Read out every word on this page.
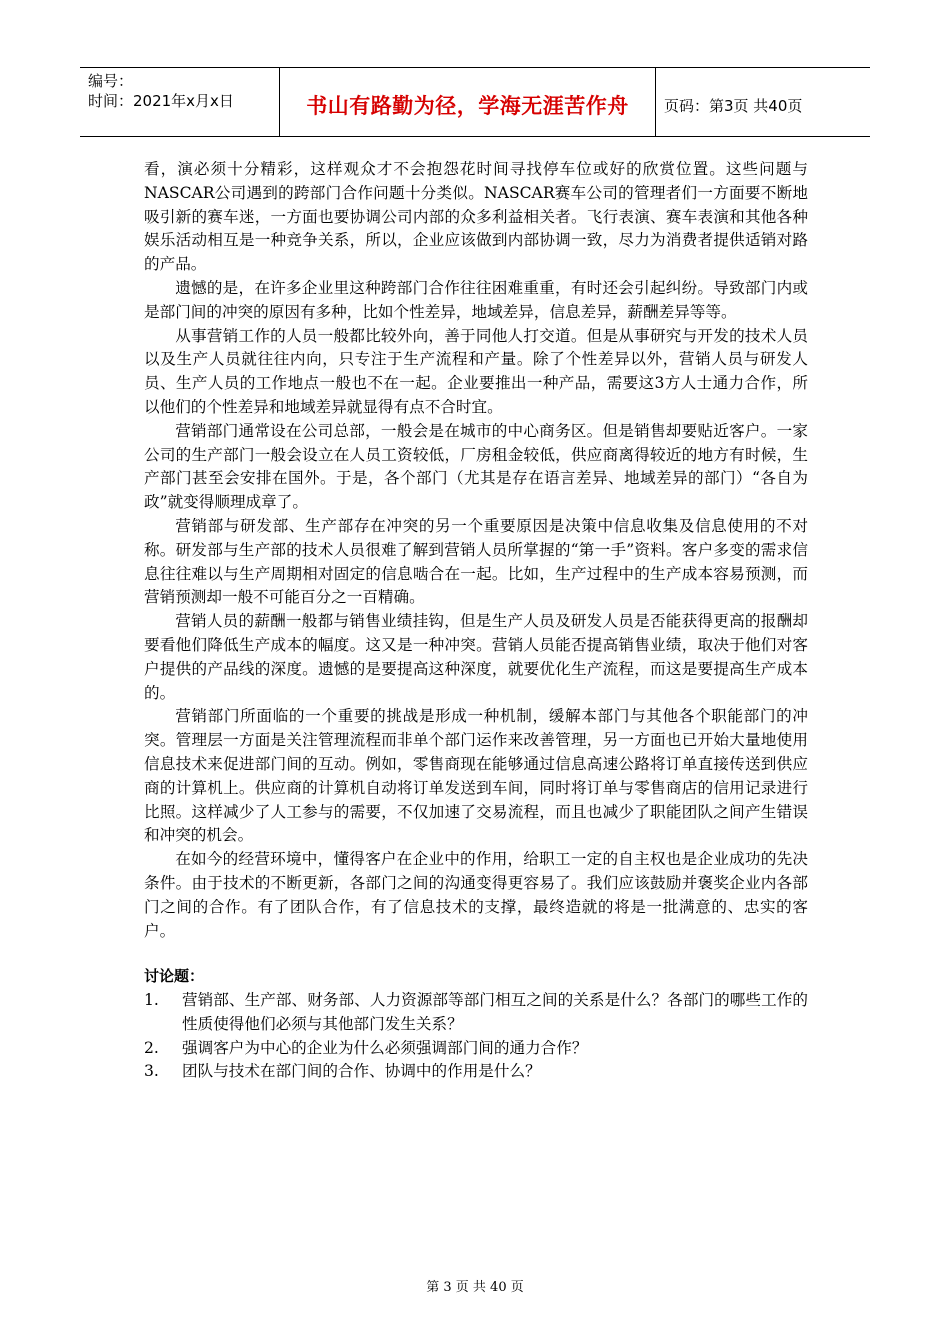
编号：
时间：2021年x月x日	书山有路勤为径，学海无涯苦作舟 页码：第3页 共40页

看，演必须十分精彩，这样观众才不会抱怨花时间寻找停车位或好的欣赏位置。这些问题与NASCAR公司遇到的跨部门合作问题十分类似。NASCAR赛车公司的管理者们一方面要不断地吸引新的赛车迷，一方面也要协调公司内部的众多利益相关者。飞行表演、赛车表演和其他各种娱乐活动相互是一种竞争关系，所以，企业应该做到内部协调一致，尽力为消费者提供适销对路的产品。

遗憾的是，在许多企业里这种跨部门合作往往困难重重，有时还会引起纠纷。导致部门内或是部门间的冲突的原因有多种，比如个性差异，地域差异，信息差异，薪酬差异等等。

从事营销工作的人员一般都比较外向，善于同他人打交道。但是从事研究与开发的技术人员以及生产人员就往往内向，只专注于生产流程和产量。除了个性差异以外，营销人员与研发人员、生产人员的工作地点一般也不在一起。企业要推出一种产品，需要这3方人士通力合作，所以他们的个性差异和地域差异就显得有点不合时宜。

营销部门通常设在公司总部，一般会是在城市的中心商务区。但是销售却要贴近客户。一家公司的生产部门一般会设立在人员工资较低，厂房租金较低，供应商离得较近的地方有时候，生产部门甚至会安排在国外。于是，各个部门（尤其是存在语言差异、地域差异的部门）“各自为政”就变得顺理成章了。

营销部与研发部、生产部存在冲突的另一个重要原因是决策中信息收集及信息使用的不对称。研发部与生产部的技术人员很难了解到营销人员所掌握的“第一手”资料。客户多变的需求信息往往难以与生产周期相对固定的信息啮合在一起。比如，生产过程中的生产成本容易预测，而营销预测却一般不可能百分之一百精确。

营销人员的薪酬一般都与销售业绩挂钩，但是生产人员及研发人员是否能获得更高的报酬却要看他们降低生产成本的幅度。这又是一种冲突。营销人员能否提高销售业绩，取决于他们对客户提供的产品线的深度。遗憾的是要提高这种深度，就要优化生产流程，而这是要提高生产成本的。

营销部门所面临的一个重要的挑战是形成一种机制，缓解本部门与其他各个职能部门的冲突。管理层一方面是关注管理流程而非单个部门运作来改善管理，另一方面也已开始大量地使用信息技术来促进部门间的互动。例如，零售商现在能够通过信息高速公路将订单直接传送到供应商的计算机上。供应商的计算机自动将订单发送到车间，同时将订单与零售商店的信用记录进行比照。这样减少了人工参与的需要，不仅加速了交易流程，而且也减少了职能团队之间产生错误和冲突的机会。

在如今的经营环境中，懂得客户在企业中的作用，给职工一定的自主权也是企业成功的先决条件。由于技术的不断更新，各部门之间的沟通变得更容易了。我们应该鼓励并褒奖企业内各部门之间的合作。有了团队合作，有了信息技术的支撑，最终造就的将是一批满意的、忠实的客户。

讨论题：

1.	营销部、生产部、财务部、人力资源部等部门相互之间的关系是什么？各部门的哪些工作的性质使得他们必须与其他部门发生关系？
2.	强调客户为中心的企业为什么必须强调部门间的通力合作？
3.	团队与技术在部门间的合作、协调中的作用是什么？
第 3 页 共 40 页
